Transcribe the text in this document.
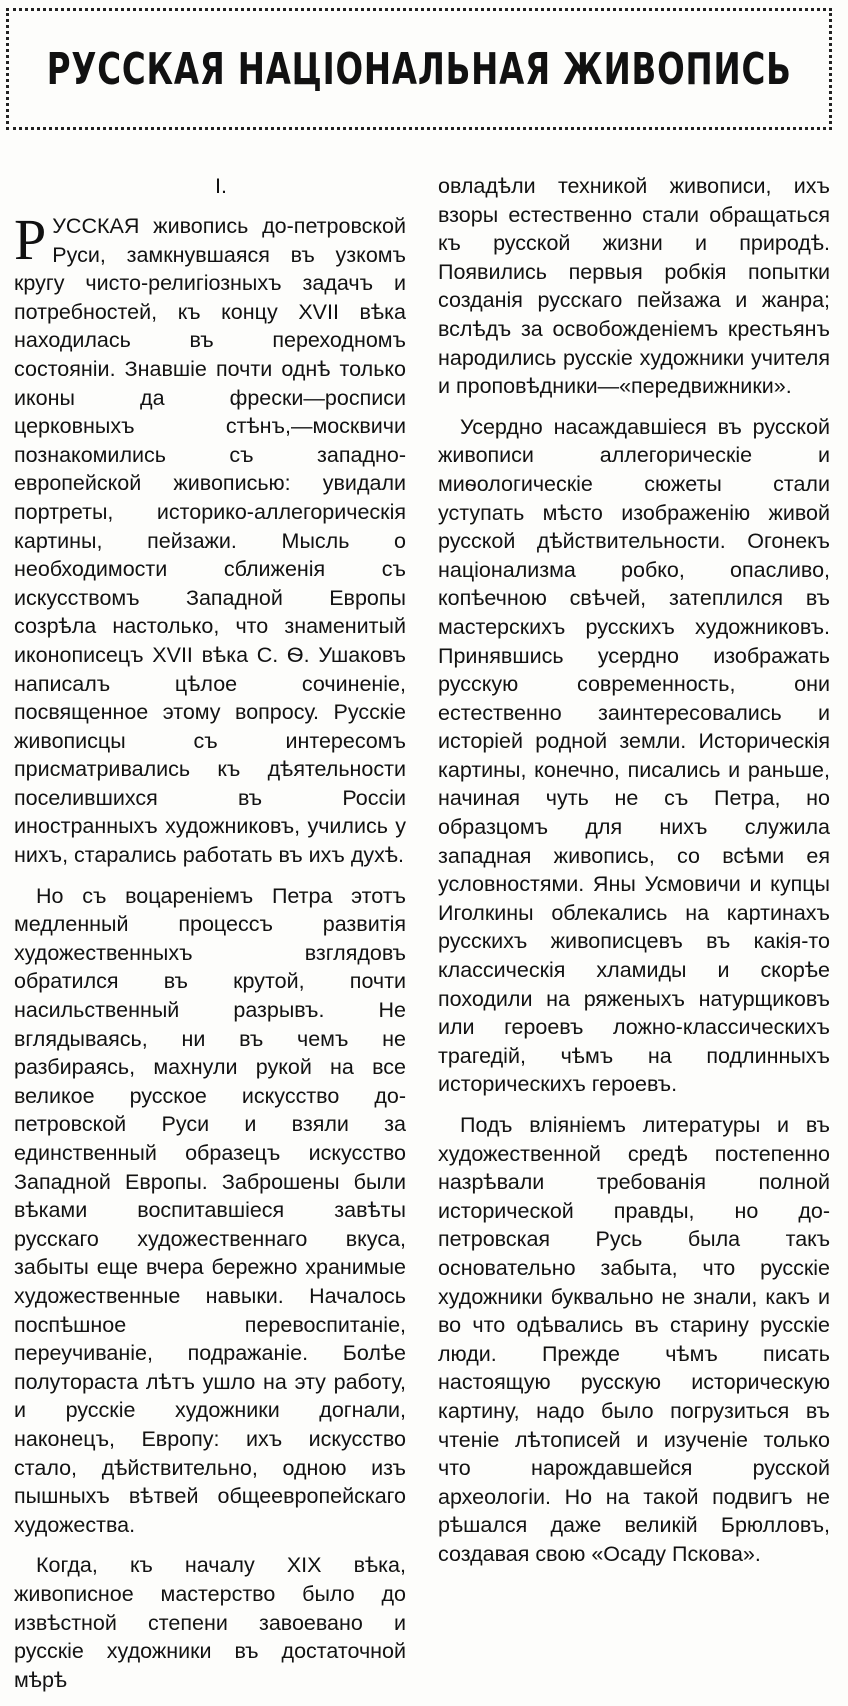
РУССКАЯ НАЦIОНАЛЬНАЯ ЖИВОПИСЬ

I.

РУССКАЯ живопись до-петровской Руси, замкнувшаяся въ узкомъ кругу чисто-религiозныхъ задачъ и потребностей, къ концу XVII вѣка находилась въ переходномъ состоянiи. Знавшiе почти однѣ только иконы да фрески—росписи церковныхъ стѣнъ,—москвичи познакомились съ западно-европейской живописью: увидали портреты, историко-аллегорическiя картины, пейзажи. Мысль о необходимости сближенiя съ искусствомъ Западной Европы созрѣла настолько, что знаменитый иконописецъ XVII вѣка С. Ѳ. Ушаковъ написалъ цѣлое сочиненiе, посвященное этому вопросу. Русскiе живописцы съ интересомъ присматривались къ дѣятельности поселившихся въ Россiи иностранныхъ художниковъ, учились у нихъ, старались работать въ ихъ духѣ.

Но съ воцаренiемъ Петра этотъ медленный процессъ развитiя художественныхъ взглядовъ обратился въ крутой, почти насильственный разрывъ. Не вглядываясь, ни въ чемъ не разбираясь, махнули рукой на все великое русское искусство до-петровской Руси и взяли за единственный образецъ искусство Западной Европы. Заброшены были вѣками воспитавшiеся завѣты русскаго художественнаго вкуса, забыты еще вчера бережно хранимые художественные навыки. Началось поспѣшное перевоспитанiе, переучиванiе, подражанiе. Болѣе полутораста лѣтъ ушло на эту работу, и русскiе художники догнали, наконецъ, Европу: ихъ искусство стало, дѣйствительно, одною изъ пышныхъ вѣтвей общеевропейскаго художества.

Когда, къ началу XIX вѣка, живописное мастерство было до извѣстной степени завоевано и русскiе художники въ достаточной мѣрѣ

овладѣли техникой живописи, ихъ взоры естественно стали обращаться къ русской жизни и природѣ. Появились первыя робкiя попытки созданiя русскаго пейзажа и жанра; вслѣдъ за освобожденiемъ крестьянъ народились русскiе художники учителя и проповѣдники—«передвижники».

Усердно насаждавшiеся въ русской живописи аллегорическiе и миѳологическiе сюжеты стали уступать мѣсто изображенiю живой русской дѣйствительности. Огонекъ нацiонализма робко, опасливо, копѣечною свѣчей, затеплился въ мастерскихъ русскихъ художниковъ. Принявшись усердно изображать русскую современность, они естественно заинтересовались и исторiей родной земли. Историческiя картины, конечно, писались и раньше, начиная чуть не съ Петра, но образцомъ для нихъ служила западная живопись, со всѣми ея условностями. Яны Усмовичи и купцы Иголкины облекались на картинахъ русскихъ живописцевъ въ какiя-то классическiя хламиды и скорѣе походили на ряженыхъ натурщиковъ или героевъ ложно-классическихъ трагедiй, чѣмъ на подлинныхъ историческихъ героевъ.

Подъ влiянiемъ литературы и въ художественной средѣ постепенно назрѣвали требованiя полной исторической правды, но до-петровская Русь была такъ основательно забыта, что русскiе художники буквально не знали, какъ и во что одѣвались въ старину русскiе люди. Прежде чѣмъ писать настоящую русскую историческую картину, надо было погрузиться въ чтенiе лѣтописей и изученiе только что нарождавшейся русской археологiи. Но на такой подвигъ не рѣшался даже великiй Брюлловъ, создавая свою «Осаду Пскова».
